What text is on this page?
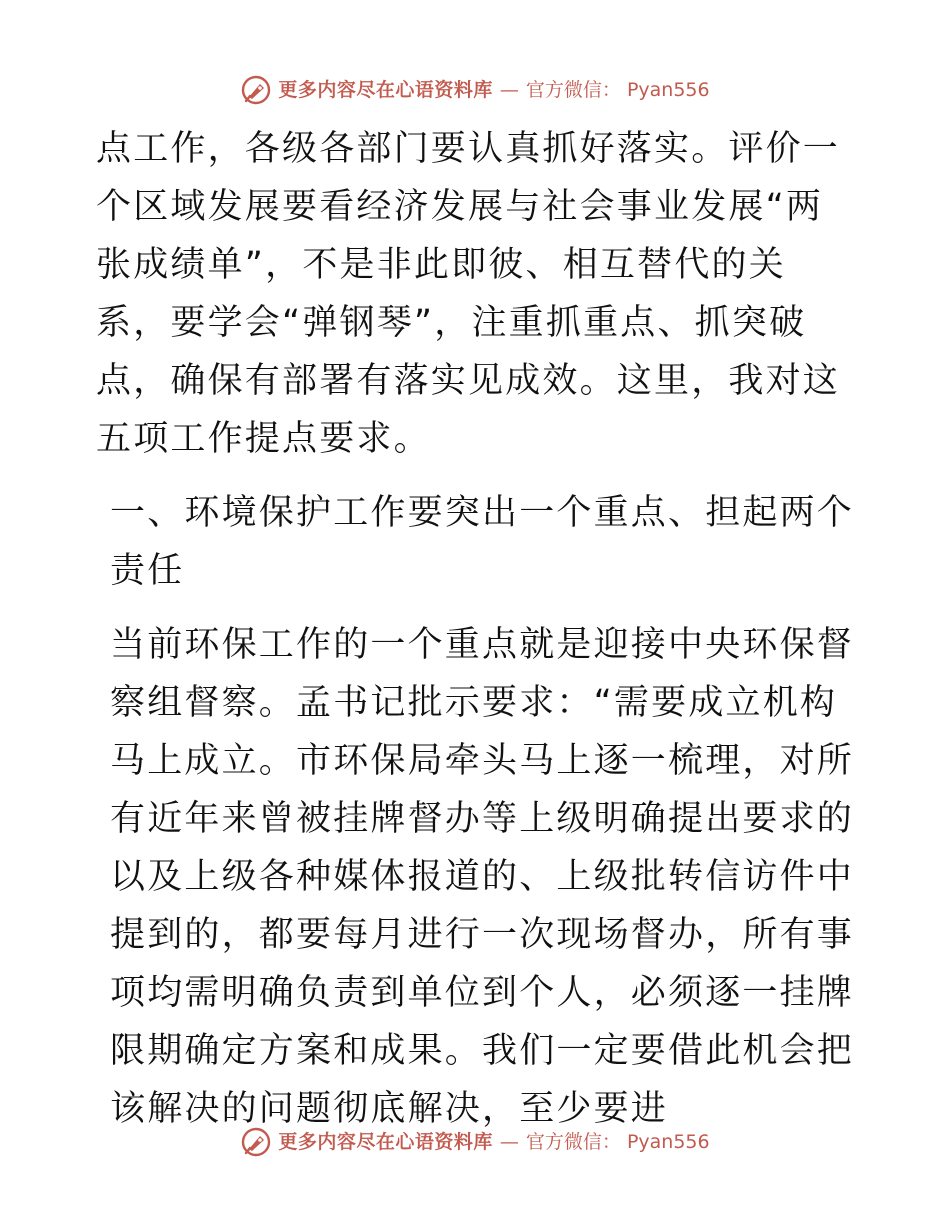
更多内容尽在心语资料库 — 官方微信： Pyan556

点工作，各级各部门要认真抓好落实。评价一个区域发展要看经济发展与社会事业发展“两张成绩单”，不是非此即彼、相互替代的关系，要学会“弹钢琴”，注重抓重点、抓突破点，确保有部署有落实见成效。这里，我对这五项工作提点要求。

一、环境保护工作要突出一个重点、担起两个责任

当前环保工作的一个重点就是迎接中央环保督察组督察。孟书记批示要求：“需要成立机构马上成立。市环保局牵头马上逐一梳理，对所有近年来曾被挂牌督办等上级明确提出要求的以及上级各种媒体报道的、上级批转信访件中提到的，都要每月进行一次现场督办，所有事项均需明确负责到单位到个人，必须逐一挂牌限期确定方案和成果。我们一定要借此机会把该解决的问题彻底解决，至少要进

更多内容尽在心语资料库 — 官方微信： Pyan556
